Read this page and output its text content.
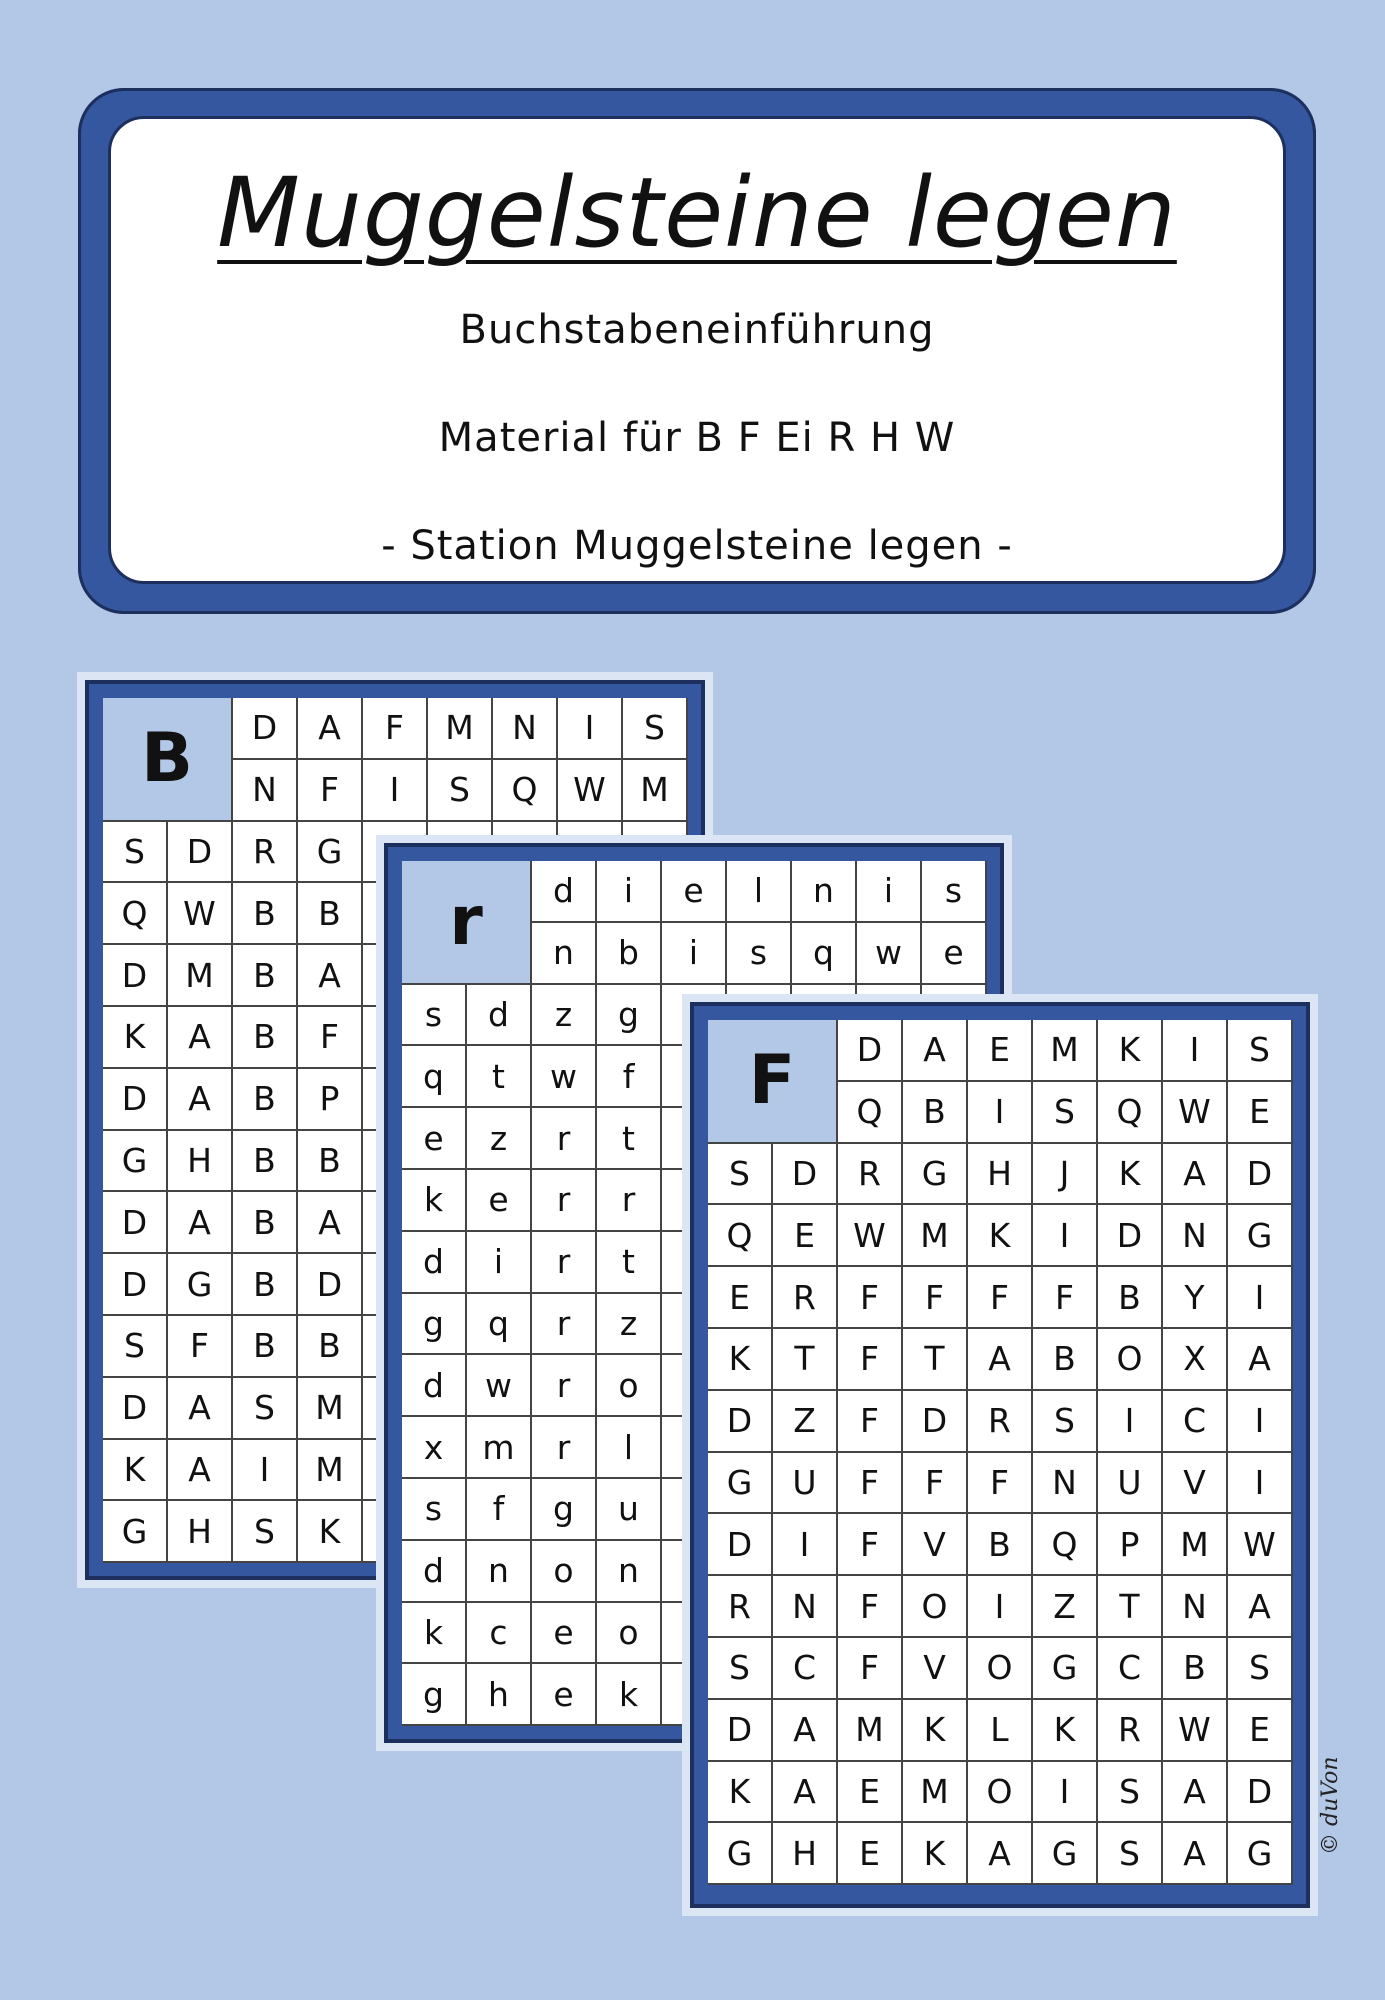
Muggelsteine legen
Buchstabeneinführung
Material für B F Ei R H W
- Station Muggelsteine legen -
B	D	A	F	M	N	I	S
N	F	I	S	Q	W	M
S	D	R	G
Q	W	B	B
D	M	B	A
K	A	B	F
D	A	B	P
G	H	B	B
D	A	B	A
D	G	B	D
S	F	B	B
D	A	S	M
K	A	I	M
G	H	S	K
r	d	i	e	l	n	i	s
n	b	i	s	q	w	e
s	d	z	g
q	t	w	f
e	z	r	t
k	e	r	r
d	i	r	t
g	q	r	z
d	w	r	o
x	m	r	l
s	f	g	u
d	n	o	n
k	c	e	o
g	h	e	k
F	D	A	E	M	K	I	S
Q	B	I	S	Q	W	E
S	D	R	G	H	J	K	A	D
Q	E	W	M	K	I	D	N	G
E	R	F	F	F	F	B	Y	I
K	T	F	T	A	B	O	X	A
D	Z	F	D	R	S	I	C	I
G	U	F	F	F	N	U	V	I
D	I	F	V	B	Q	P	M	W
R	N	F	O	I	Z	T	N	A
S	C	F	V	O	G	C	B	S
D	A	M	K	L	K	R	W	E
K	A	E	M	O	I	S	A	D
G	H	E	K	A	G	S	A	G	© duVon
